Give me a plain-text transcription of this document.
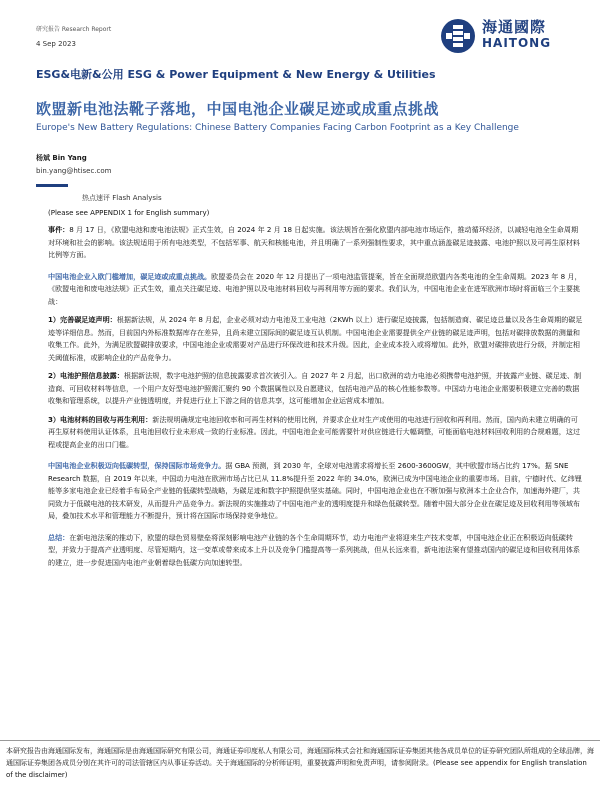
研究报告 Research Report
4 Sep 2023
海通國際
HAITONG
ESG&电新&公用 ESG & Power Equipment & New Energy & Utilities
欧盟新电池法靴子落地，中国电池企业碳足迹或成重点挑战
Europe's New Battery Regulations: Chinese Battery Companies Facing Carbon Footprint as a Key Challenge
杨斌 Bin Yang
bin.yang@htisec.com
热点速评 Flash Analysis
(Please see APPENDIX 1 for English summary)

事件：8 月 17 日，《欧盟电池和废电池法规》正式生效，自 2024 年 2 月 18 日起实施。该法规旨在强化欧盟内部电池市场运作，推动循环经济，以减轻电池全生命周期对环境和社会的影响。该法规适用于所有电池类型，不包括军事、航天和核能电池，并且明确了一系列强制性要求，其中重点涵盖碳足迹披露、电池护照以及可再生原材料比例等方面。

中国电池企业入欧门槛增加，碳足迹或成重点挑战。欧盟委员会在 2020 年 12 月提出了一项电池监管提案，旨在全面规范欧盟内各类电池的全生命周期。2023 年 8 月，《欧盟电池和废电池法规》正式生效，重点关注碳足迹、电池护照以及电池材料回收与再利用等方面的要求。我们认为，中国电池企业在进军欧洲市场时将面临三个主要挑战：

1）完善碳足迹声明：根据新法规，从 2024 年 8 月起，企业必须对动力电池及工业电池（2KWh 以上）进行碳足迹披露，包括制造商、碳足迹总量以及各生命周期的碳足迹等详细信息。然而，目前国内外标准数据库存在差异，且尚未建立国际间的碳足迹互认机制。中国电池企业需要提供全产业链的碳足迹声明，包括对碳排放数据的测量和收集工作。此外，为满足欧盟碳排放要求，中国电池企业或需要对产品进行环保改进和技术升级。因此，企业成本投入或将增加。此外，欧盟对碳排放进行分级，并制定相关阈值标准，或影响企业的产品竞争力。

2）电池护照信息披露：根据新法规，数字电池护照的信息披露要求首次被引入。自 2027 年 2 月起，出口欧洲的动力电池必须携带电池护照，并披露产业链、碳足迹、制造商、可回收材料等信息，一个用户友好型电池护照需汇聚约 90 个数据属性以及自愿建议，包括电池产品的核心性能参数等。中国动力电池企业需要积极建立完善的数据收集和管理系统，以提升产业链透明度，并促进行业上下游之间的信息共享，这可能增加企业运营成本增加。

3）电池材料的回收与再生利用：新法规明确规定电池回收率和可再生材料的使用比例，并要求企业对生产或使用的电池进行回收和再利用。然而，国内尚未建立明确的可再生原材料使用认证体系，且电池回收行业未形成一致的行业标准。因此，中国电池企业可能需要针对供应链进行大幅调整，可能面临电池材料回收利用的合规难题，这过程或提高企业的出口门槛。

中国电池企业积极迈向低碳转型，保持国际市场竞争力。据 GBA 预测，到 2030 年，全球对电池需求将增长至 2600-3600GW，其中欧盟市场占比约 17%。据 SNE Research 数据，自 2019 年以来，中国动力电池在欧洲市场占比已从 11.8%提升至 2022 年的 34.0%，欧洲已成为中国电池企业的重要市场。目前，宁德时代、亿纬锂能等多家电池企业已经着手布局全产业链的低碳转型战略，为碳足迹和数字护照提供坚实基础。同时，中国电池企业也在不断加强与欧洲本土企业合作，加速海外建厂，共同致力于低碳电池的技术研发，从而提升产品竞争力。新法规的实施推动了中国电池产业的透明度提升和绿色低碳转型。随着中国大部分企业在碳足迹及回收利用等领域布局，叠加技术水平和管理能力不断提升，预计将在国际市场保持竞争地位。

总结：在新电池法案的推动下，欧盟的绿色贸易壁垒将深刻影响电池产业链的各个生命周期环节，动力电池产业将迎来生产技术变革，中国电池企业正在积极迈向低碳转型，并致力于提高产业透明度、尽管短期内，这一变革或带来成本上升以及竞争门槛提高等一系列挑战，但从长远来看，新电池法案有望推动国内的碳足迹和回收利用体系的建立，进一步促进国内电池产业朝着绿色低碳方向加速转型。

本研究报告由海通国际发布，海通国际是由海通国际研究有限公司，海通证券印度私人有限公司，海通国际株式会社和海通国际证券集团其他各成员单位的证券研究团队所组成的全球品牌，海通国际证券集团各成员分别在其许可的司法管辖区内从事证券活动。关于海通国际的分析师证明，重要披露声明和免责声明，请参阅附录。(Please see appendix for English translation of the disclaimer)
